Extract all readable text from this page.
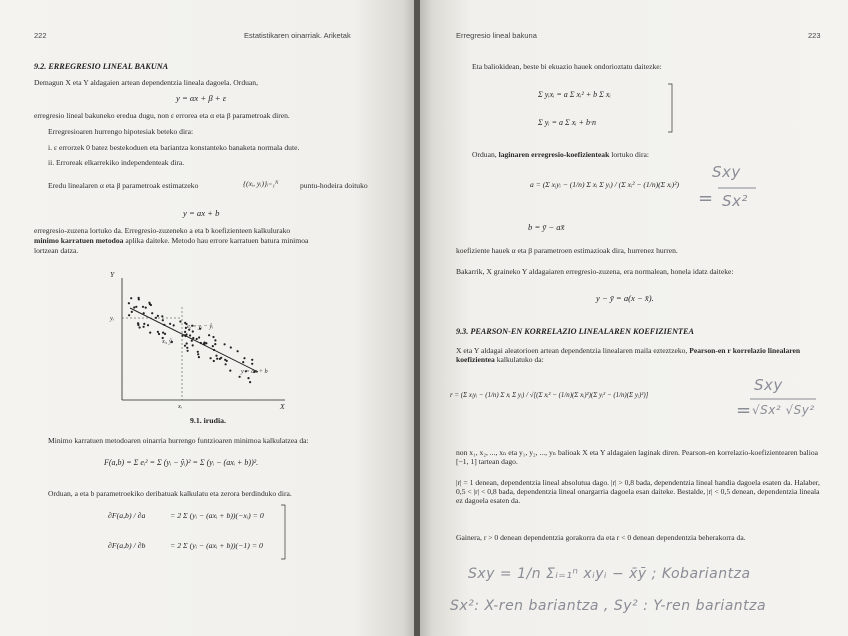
222	Estatistikaren oinarriak. Ariketak
9.2. ERREGRESIO LINEAL BAKUNA
Demagun X eta Y aldagaien artean dependentzia lineala dagoela. Orduan,
y = αx + β + ε
erregresio lineal bakuneko eredua dugu, non ε errorea eta α eta β parametroak diren.
Erregresioaren hurrengo hipotesiak beteko dira:
i. ε errorzek 0 batez bestekoduen eta bariantza konstanteko banaketa normala dute.
ii. Erroreak elkarrekiko independenteak dira.
Eredu linealaren α eta β parametroak estimatzeko	{(xᵢ, yᵢ)}ᵢ₌₁ᴺ	puntu-hodeira doituko
y = ax + b
erregresio-zuzena lortuko da. Erregresio-zuzeneko a eta b koefizienteen kalkulurako
minimo karratuen metodoa aplika daiteke. Metodo hau errore karratuen batura minimoa
lortzean datza.
Y
X
yᵢ
xᵢ
eᵢ = yᵢ − ŷᵢ
xᵢ, ŷᵢ
y = ax + b
9.1. irudia.
Minimo karratuen metodoaren oinarria hurrengo funtzioaren minimoa kalkulatzea da:
F(a,b) = Σ eᵢ² = Σ (yᵢ − ŷᵢ)² = Σ (yᵢ − (axᵢ + b))².
Orduan, a eta b parametroekiko deribatuak kalkulatu eta zerora berdinduko dira.
∂F(a,b) / ∂a	= 2 Σ (yᵢ − (axᵢ + b))(−xᵢ) = 0
∂F(a,b) / ∂b	= 2 Σ (yᵢ − (axᵢ + b))(−1) = 0
Erregresio lineal bakuna	223
Eta baliokidean, beste bi ekuazio hauek ondorioztatu daitezke:
Σ yᵢxᵢ = a Σ xᵢ² + b Σ xᵢ
Σ yᵢ = a Σ xᵢ + b·n
Orduan, laginaren erregresio-koefizienteak lortuko dira:
a = (Σ xᵢyᵢ − (1/n) Σ xᵢ Σ yᵢ) / (Σ xᵢ² − (1/n)(Σ xᵢ)²)
b = ȳ − ax̄
Sxy
= Sx²
koefiziente hauek α eta β parametroen estimazioak dira, hurrenez hurren.
Bakarrik, X graineko Y aldagaiaren erregresio-zuzena, era normalean, honela idatz daiteke:
y − ȳ = a(x − x̄).
9.3. PEARSON-EN KORRELAZIO LINEALAREN KOEFIZIENTEA
X eta Y aldagai aleatorioen artean dependentzia linealaren maila ezteztzeko, Pearson-en r korrelazio linealaren koefizientea kalkulatuko da:
r = (Σ xᵢyᵢ − (1/n) Σ xᵢ Σ yᵢ) / √[(Σ xᵢ² − (1/n)(Σ xᵢ)²)(Σ yᵢ² − (1/n)(Σ yᵢ)²)]
Sxy
= √Sx² √Sy²
non x₁, x₂, ..., xₙ eta y₁, y₂, ..., yₙ balioak X eta Y aldagaien laginak diren. Pearson-en korrelazio-koefizientearen balioa [−1, 1] tartean dago.
|r| = 1 denean, dependentzia lineal absolutua dago. |r| > 0,8 bada, dependentzia lineal handia dagoela esaten da. Halaber, 0,5 < |r| < 0,8 bada, dependentzia lineal onargarria dagoela esan daiteke. Bestalde, |r| < 0,5 denean, dependentzia lineala ez dagoela esaten da.
Gainera, r > 0 denean dependentzia gorakorra da eta r < 0 denean dependentzia beherakorra da.
Sxy = 1/n Σᵢ₌₁ⁿ xᵢyᵢ − x̄ȳ ; Kobariantza
Sx²: X-ren bariantza , Sy² : Y-ren bariantza
